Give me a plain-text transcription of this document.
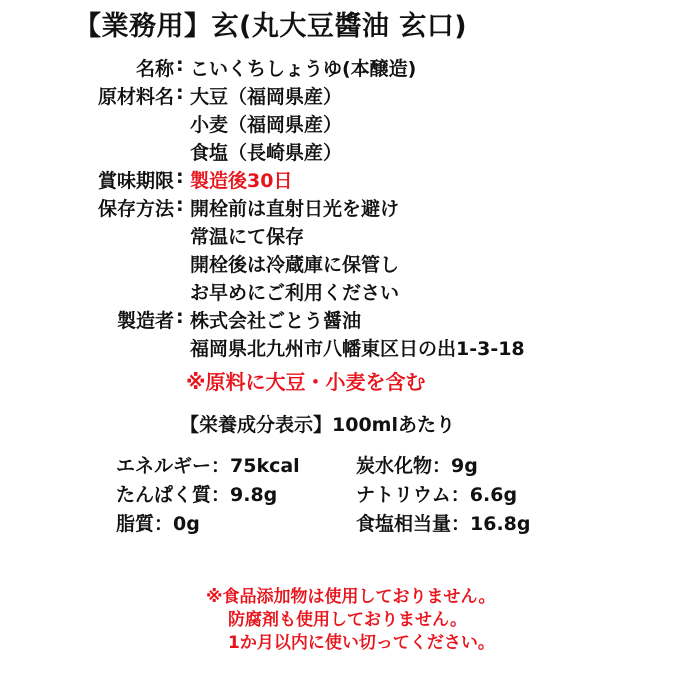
【業務用】玄(丸大豆醬油 玄口)
名称 : こいくちしょうゆ(本醸造)
原材料名 : 大豆（福岡県産）
小麦（福岡県産）
食塩（長崎県産）
賞味期限 : 製造後30日
保存方法 : 開栓前は直射日光を避け
常温にて保存
開栓後は冷蔵庫に保管し
お早めにご利用ください
製造者 : 株式会社ごとう醤油
福岡県北九州市八幡東区日の出1-3-18
※原料に大豆・小麦を含む
【栄養成分表示】100mlあたり
エネルギー：75kcal	炭水化物：9g
たんぱく質：9.8g	ナトリウム：6.6g
脂質：0g	食塩相当量：16.8g
※食品添加物は使用しておりません。
防腐剤も使用しておりません。
1か月以内に使い切ってください。
